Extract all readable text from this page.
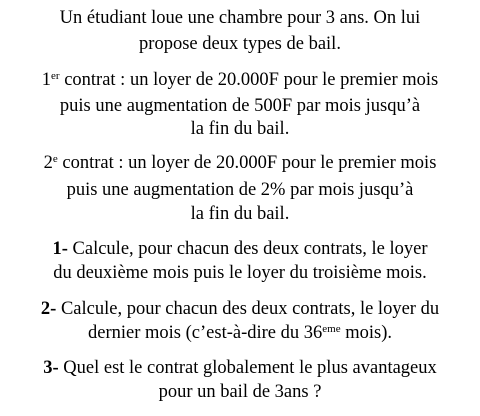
Un étudiant loue une chambre pour 3 ans. On lui
propose deux types de bail.
1er contrat : un loyer de 20.000F pour le premier mois
puis une augmentation de 500F par mois jusqu’à
la fin du bail.
2e contrat : un loyer de 20.000F pour le premier mois
puis une augmentation de 2% par mois jusqu’à
la fin du bail.
1- Calcule, pour chacun des deux contrats, le loyer
du deuxième mois puis le loyer du troisième mois.
2- Calcule, pour chacun des deux contrats, le loyer du
dernier mois (c’est-à-dire du 36eme mois).
3- Quel est le contrat globalement le plus avantageux
pour un bail de 3ans ?
